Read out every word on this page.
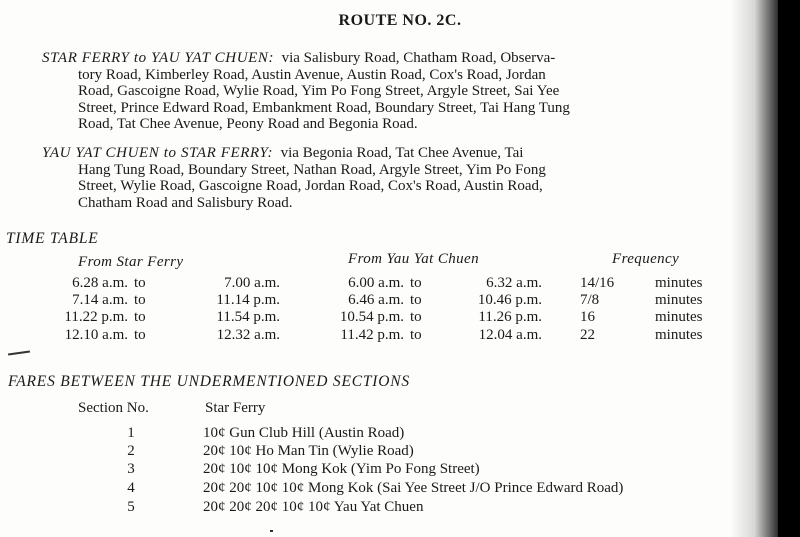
ROUTE NO. 2C.
STAR FERRY to YAU YAT CHUEN: via Salisbury Road, Chatham Road, Observa-
tory Road, Kimberley Road, Austin Avenue, Austin Road, Cox's Road, Jordan
Road, Gascoigne Road, Wylie Road, Yim Po Fong Street, Argyle Street, Sai Yee
Street, Prince Edward Road, Embankment Road, Boundary Street, Tai Hang Tung
Road, Tat Chee Avenue, Peony Road and Begonia Road.
YAU YAT CHUEN to STAR FERRY: via Begonia Road, Tat Chee Avenue, Tai
Hang Tung Road, Boundary Street, Nathan Road, Argyle Street, Yim Po Fong
Street, Wylie Road, Gascoigne Road, Jordan Road, Cox's Road, Austin Road,
Chatham Road and Salisbury Road.
TIME TABLE
From Star Ferry	From Yau Yat Chuen	Frequency
6.28 a.m. to	7.00 a.m.	6.00 a.m. to	6.32 a.m.	14/16	minutes
7.14 a.m. to	11.14 p.m.	6.46 a.m. to	10.46 p.m.	7/8	minutes
11.22 p.m. to	11.54 p.m.	10.54 p.m. to	11.26 p.m.	16	minutes
12.10 a.m. to	12.32 a.m.	11.42 p.m. to	12.04 a.m.	22	minutes
FARES BETWEEN THE UNDERMENTIONED SECTIONS
Section No.	Star Ferry
1	10¢ Gun Club Hill (Austin Road)
2	20¢ 10¢ Ho Man Tin (Wylie Road)
3	20¢ 10¢ 10¢ Mong Kok (Yim Po Fong Street)
4	20¢ 20¢ 10¢ 10¢ Mong Kok (Sai Yee Street J/O Prince Edward Road)
5	20¢ 20¢ 20¢ 10¢ 10¢ Yau Yat Chuen
